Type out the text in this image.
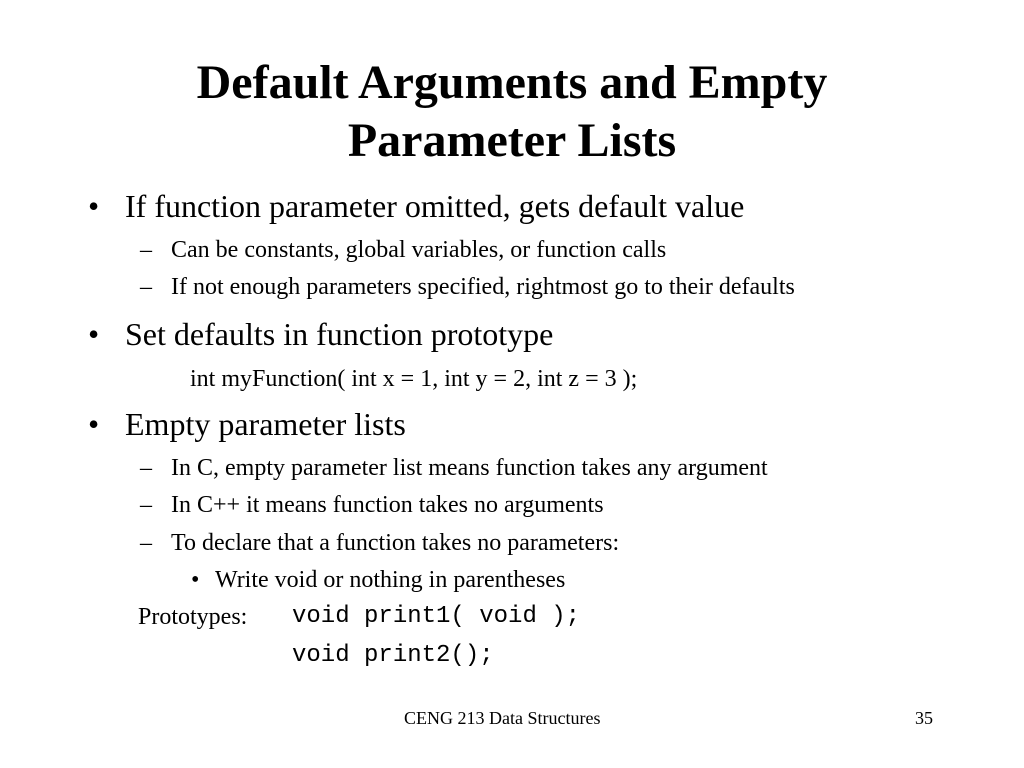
Default Arguments and Empty
Parameter Lists
• If function parameter omitted, gets default value
– Can be constants, global variables, or function calls
– If not enough parameters specified, rightmost go to their defaults
• Set defaults in function prototype
int myFunction( int x = 1, int y = 2, int z = 3 );
• Empty parameter lists
– In C, empty parameter list means function takes any argument
– In C++ it means function takes no arguments
– To declare that a function takes no parameters:
• Write void or nothing in parentheses
Prototypes: void print1( void );
void print2();
CENG 213 Data Structures	35
